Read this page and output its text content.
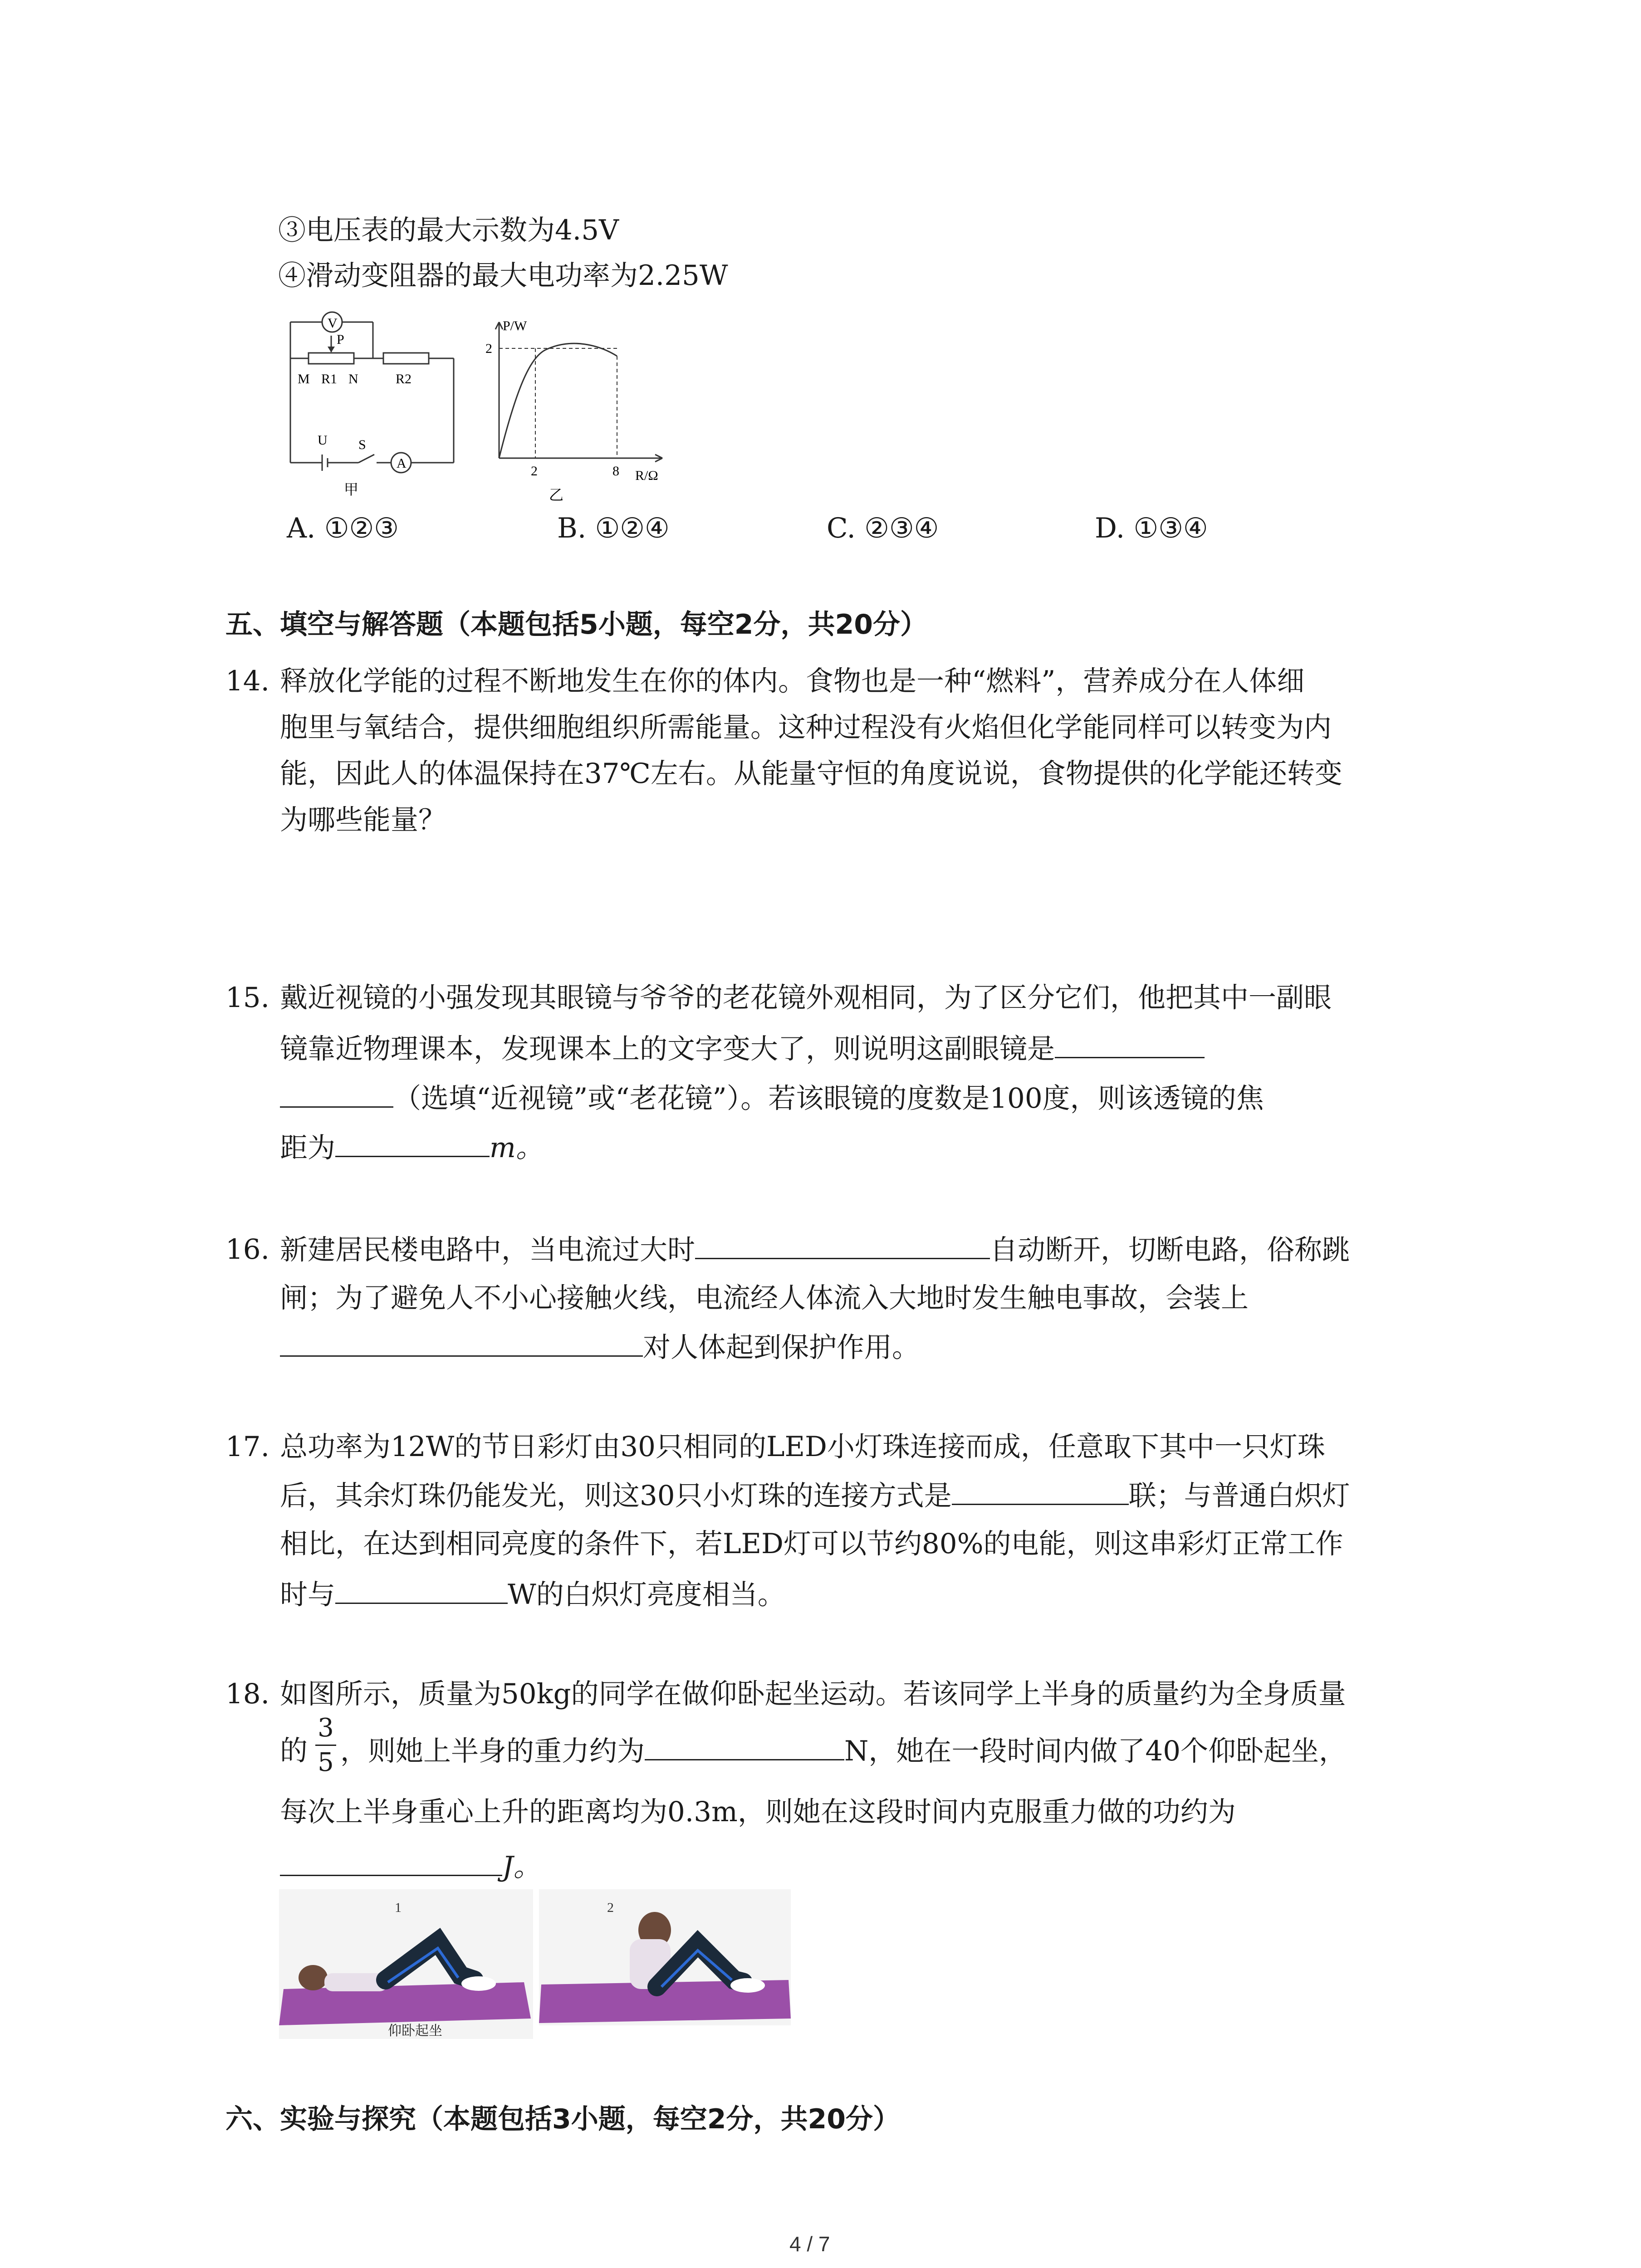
③电压表的最大示数为4.5V
④滑动变阻器的最大电功率为2.25W
V
P
M R1 N	R2
U S
A
甲
P/W
2
2	8 R/Ω
乙
A. ①②③	B. ①②④	C. ②③④	D. ①③④
五、填空与解答题（本题包括5小题，每空2分，共20分）
14. 释放化学能的过程不断地发生在你的体内。食物也是一种“燃料”，营养成分在人体细
胞里与氧结合，提供细胞组织所需能量。这种过程没有火焰但化学能同样可以转变为内
能，因此人的体温保持在37℃左右。从能量守恒的角度说说，食物提供的化学能还转变
为哪些能量？
15. 戴近视镜的小强发现其眼镜与爷爷的老花镜外观相同，为了区分它们，他把其中一副眼
镜靠近物理课本，发现课本上的文字变大了，则说明这副眼镜是
（选填“近视镜”或“老花镜”）。若该眼镜的度数是100度，则该透镜的焦
距为	m。
16. 新建居民楼电路中，当电流过大时	自动断开，切断电路，俗称跳
闸；为了避免人不小心接触火线，电流经人体流入大地时发生触电事故，会装上
对人体起到保护作用。
17. 总功率为12W的节日彩灯由30只相同的LED小灯珠连接而成，任意取下其中一只灯珠
后，其余灯珠仍能发光，则这30只小灯珠的连接方式是	联；与普通白炽灯
相比，在达到相同亮度的条件下，若LED灯可以节约80%的电能，则这串彩灯正常工作
时与	W的白炽灯亮度相当。
18. 如图所示，质量为50kg的同学在做仰卧起坐运动。若该同学上半身的质量约为全身质量
的
3
5 ，则她上半身的重力约为	N，她在一段时间内做了40个仰卧起坐，
每次上半身重心上升的距离均为0.3m，则她在这段时间内克服重力做的功约为
J。
1
仰卧起坐
2
六、实验与探究（本题包括3小题，每空2分，共20分）
4 / 7
